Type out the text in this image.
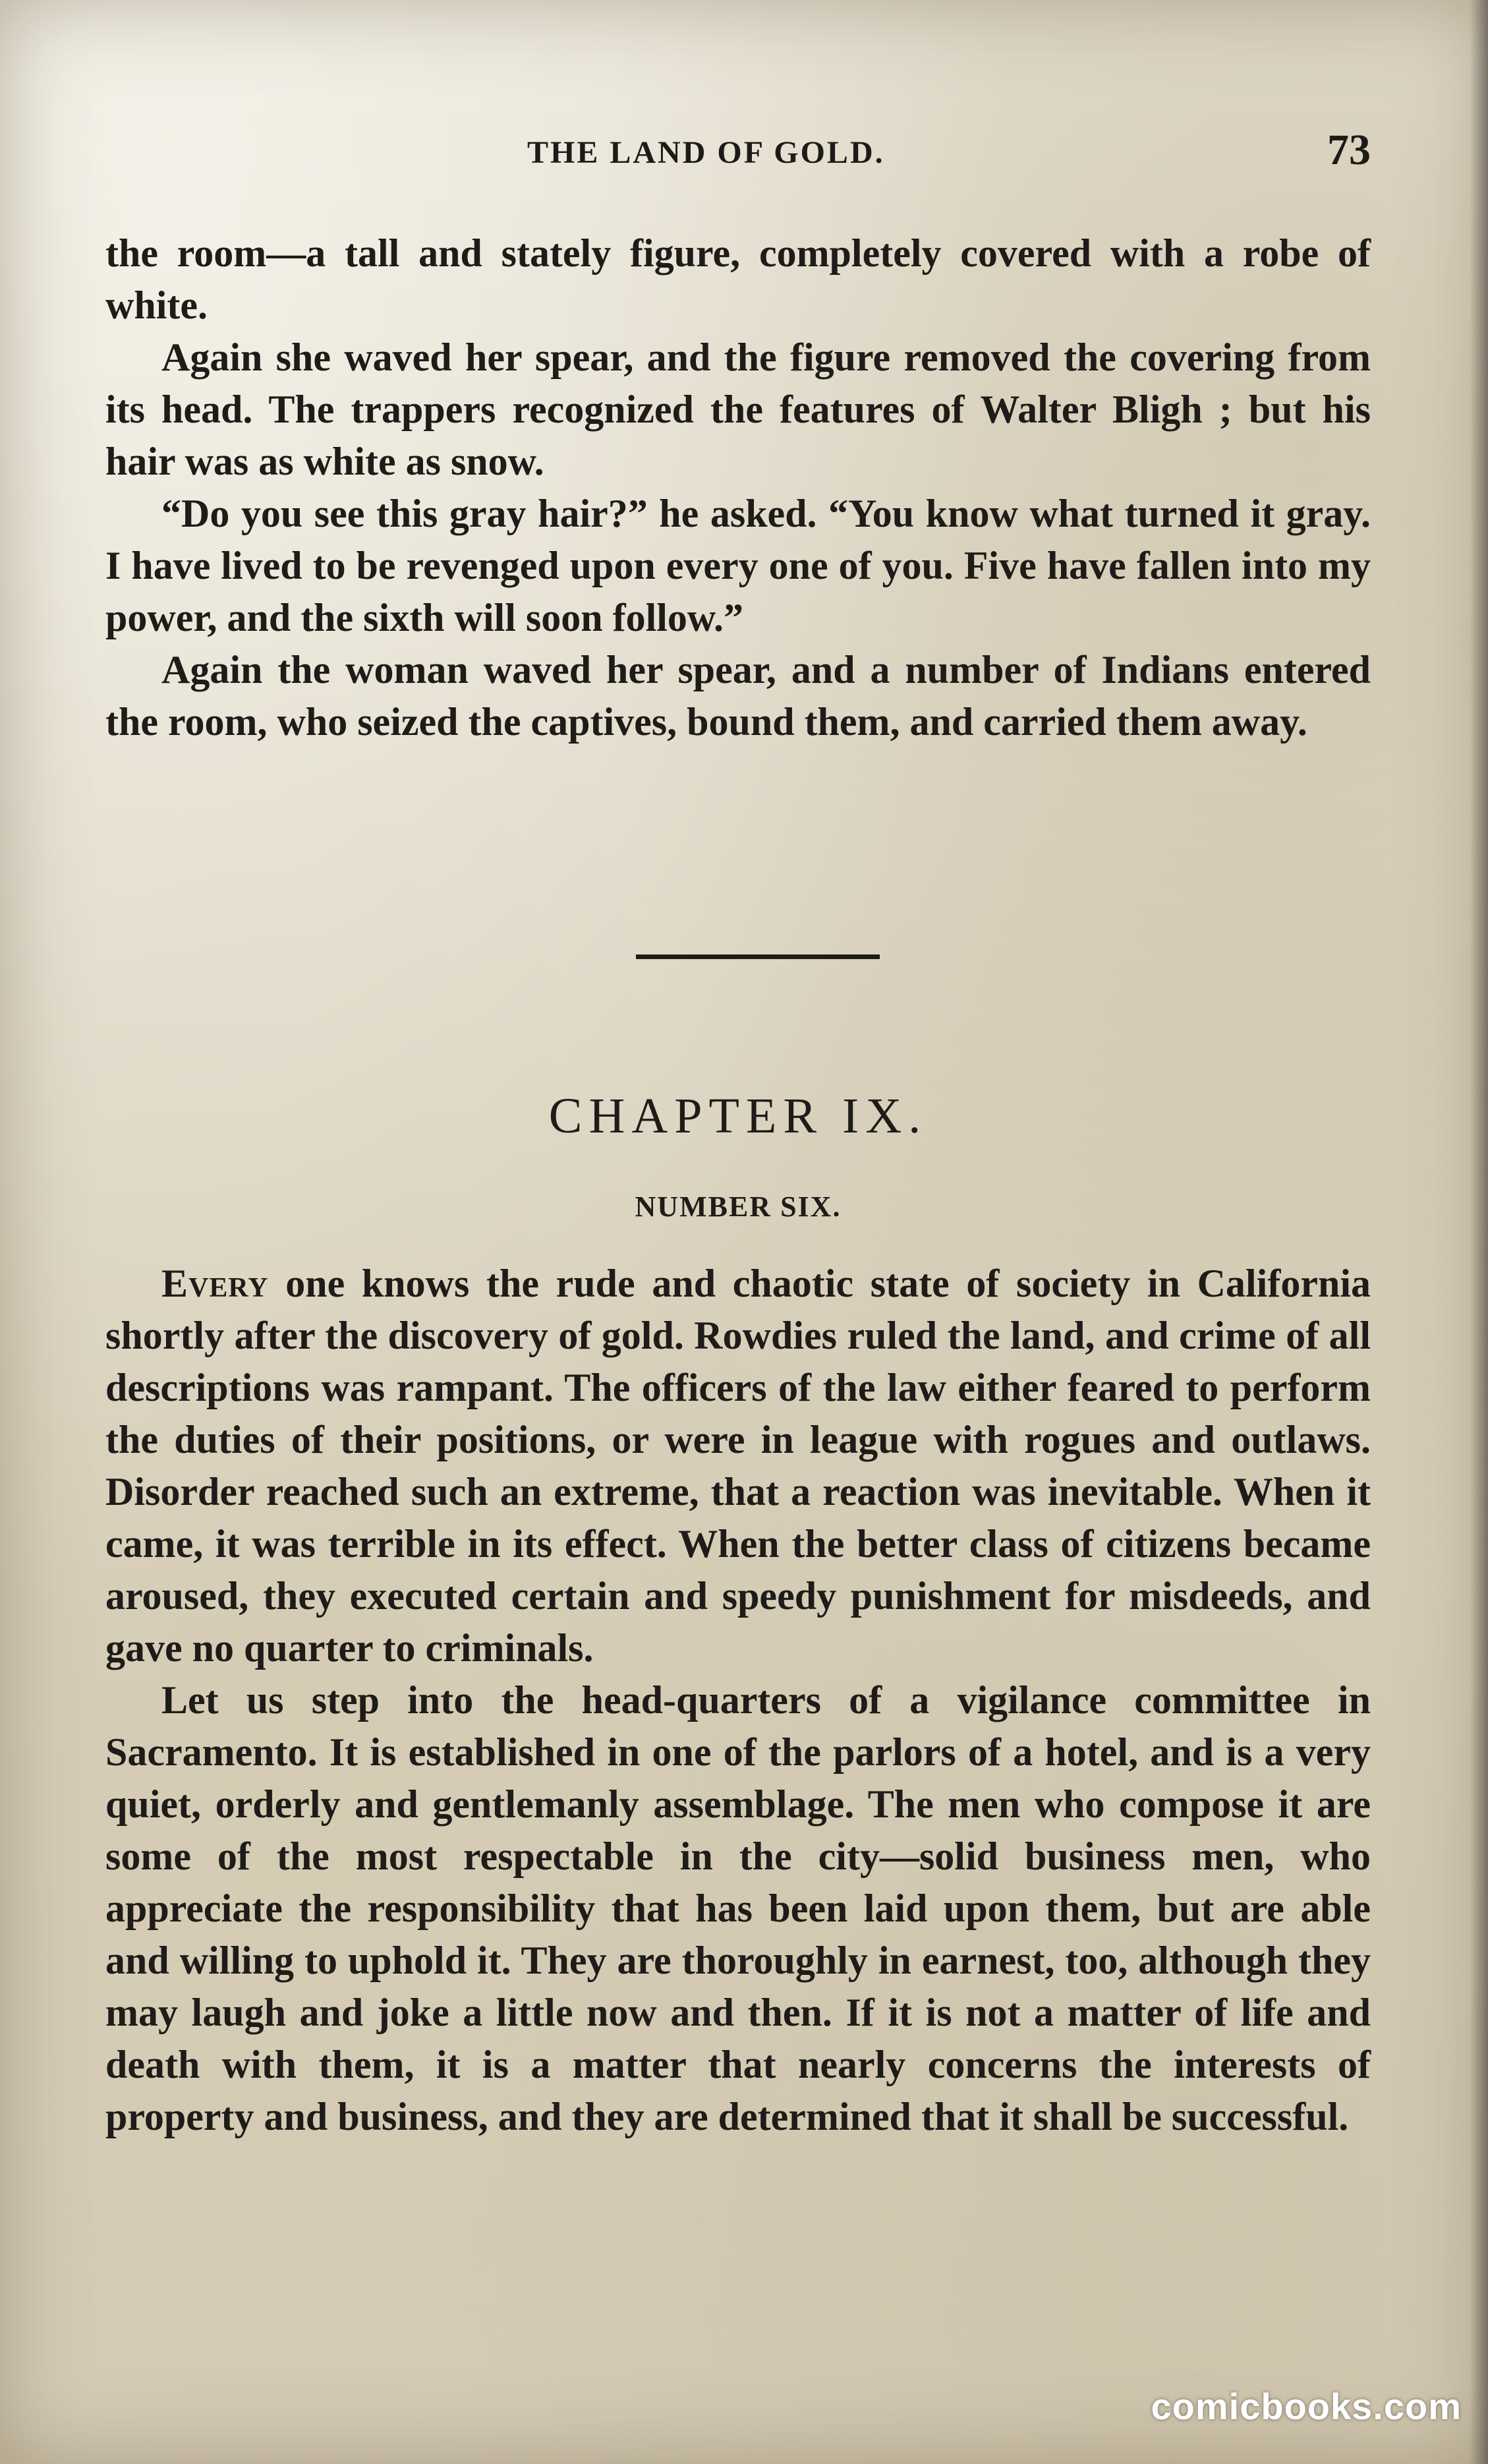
THE LAND OF GOLD.	73

the room—a tall and stately figure, completely covered with a robe of white.

Again she waved her spear, and the figure removed the covering from its head. The trappers recognized the features of Walter Bligh ; but his hair was as white as snow.

“Do you see this gray hair?” he asked. “You know what turned it gray. I have lived to be revenged upon every one of you. Five have fallen into my power, and the sixth will soon follow.”

Again the woman waved her spear, and a number of Indians entered the room, who seized the captives, bound them, and carried them away.

CHAPTER IX.
NUMBER SIX.

Every one knows the rude and chaotic state of society in California shortly after the discovery of gold. Rowdies ruled the land, and crime of all descriptions was rampant. The officers of the law either feared to perform the duties of their positions, or were in league with rogues and outlaws. Disorder reached such an extreme, that a reaction was inevitable. When it came, it was terrible in its effect. When the better class of citizens became aroused, they executed certain and speedy punishment for misdeeds, and gave no quarter to criminals.

Let us step into the head-quarters of a vigilance committee in Sacramento. It is established in one of the parlors of a hotel, and is a very quiet, orderly and gentlemanly assemblage. The men who compose it are some of the most respectable in the city—solid business men, who appreciate the responsibility that has been laid upon them, but are able and willing to uphold it. They are thoroughly in earnest, too, although they may laugh and joke a little now and then. If it is not a matter of life and death with them, it is a matter that nearly concerns the interests of property and business, and they are determined that it shall be successful.

comicbooks.com
